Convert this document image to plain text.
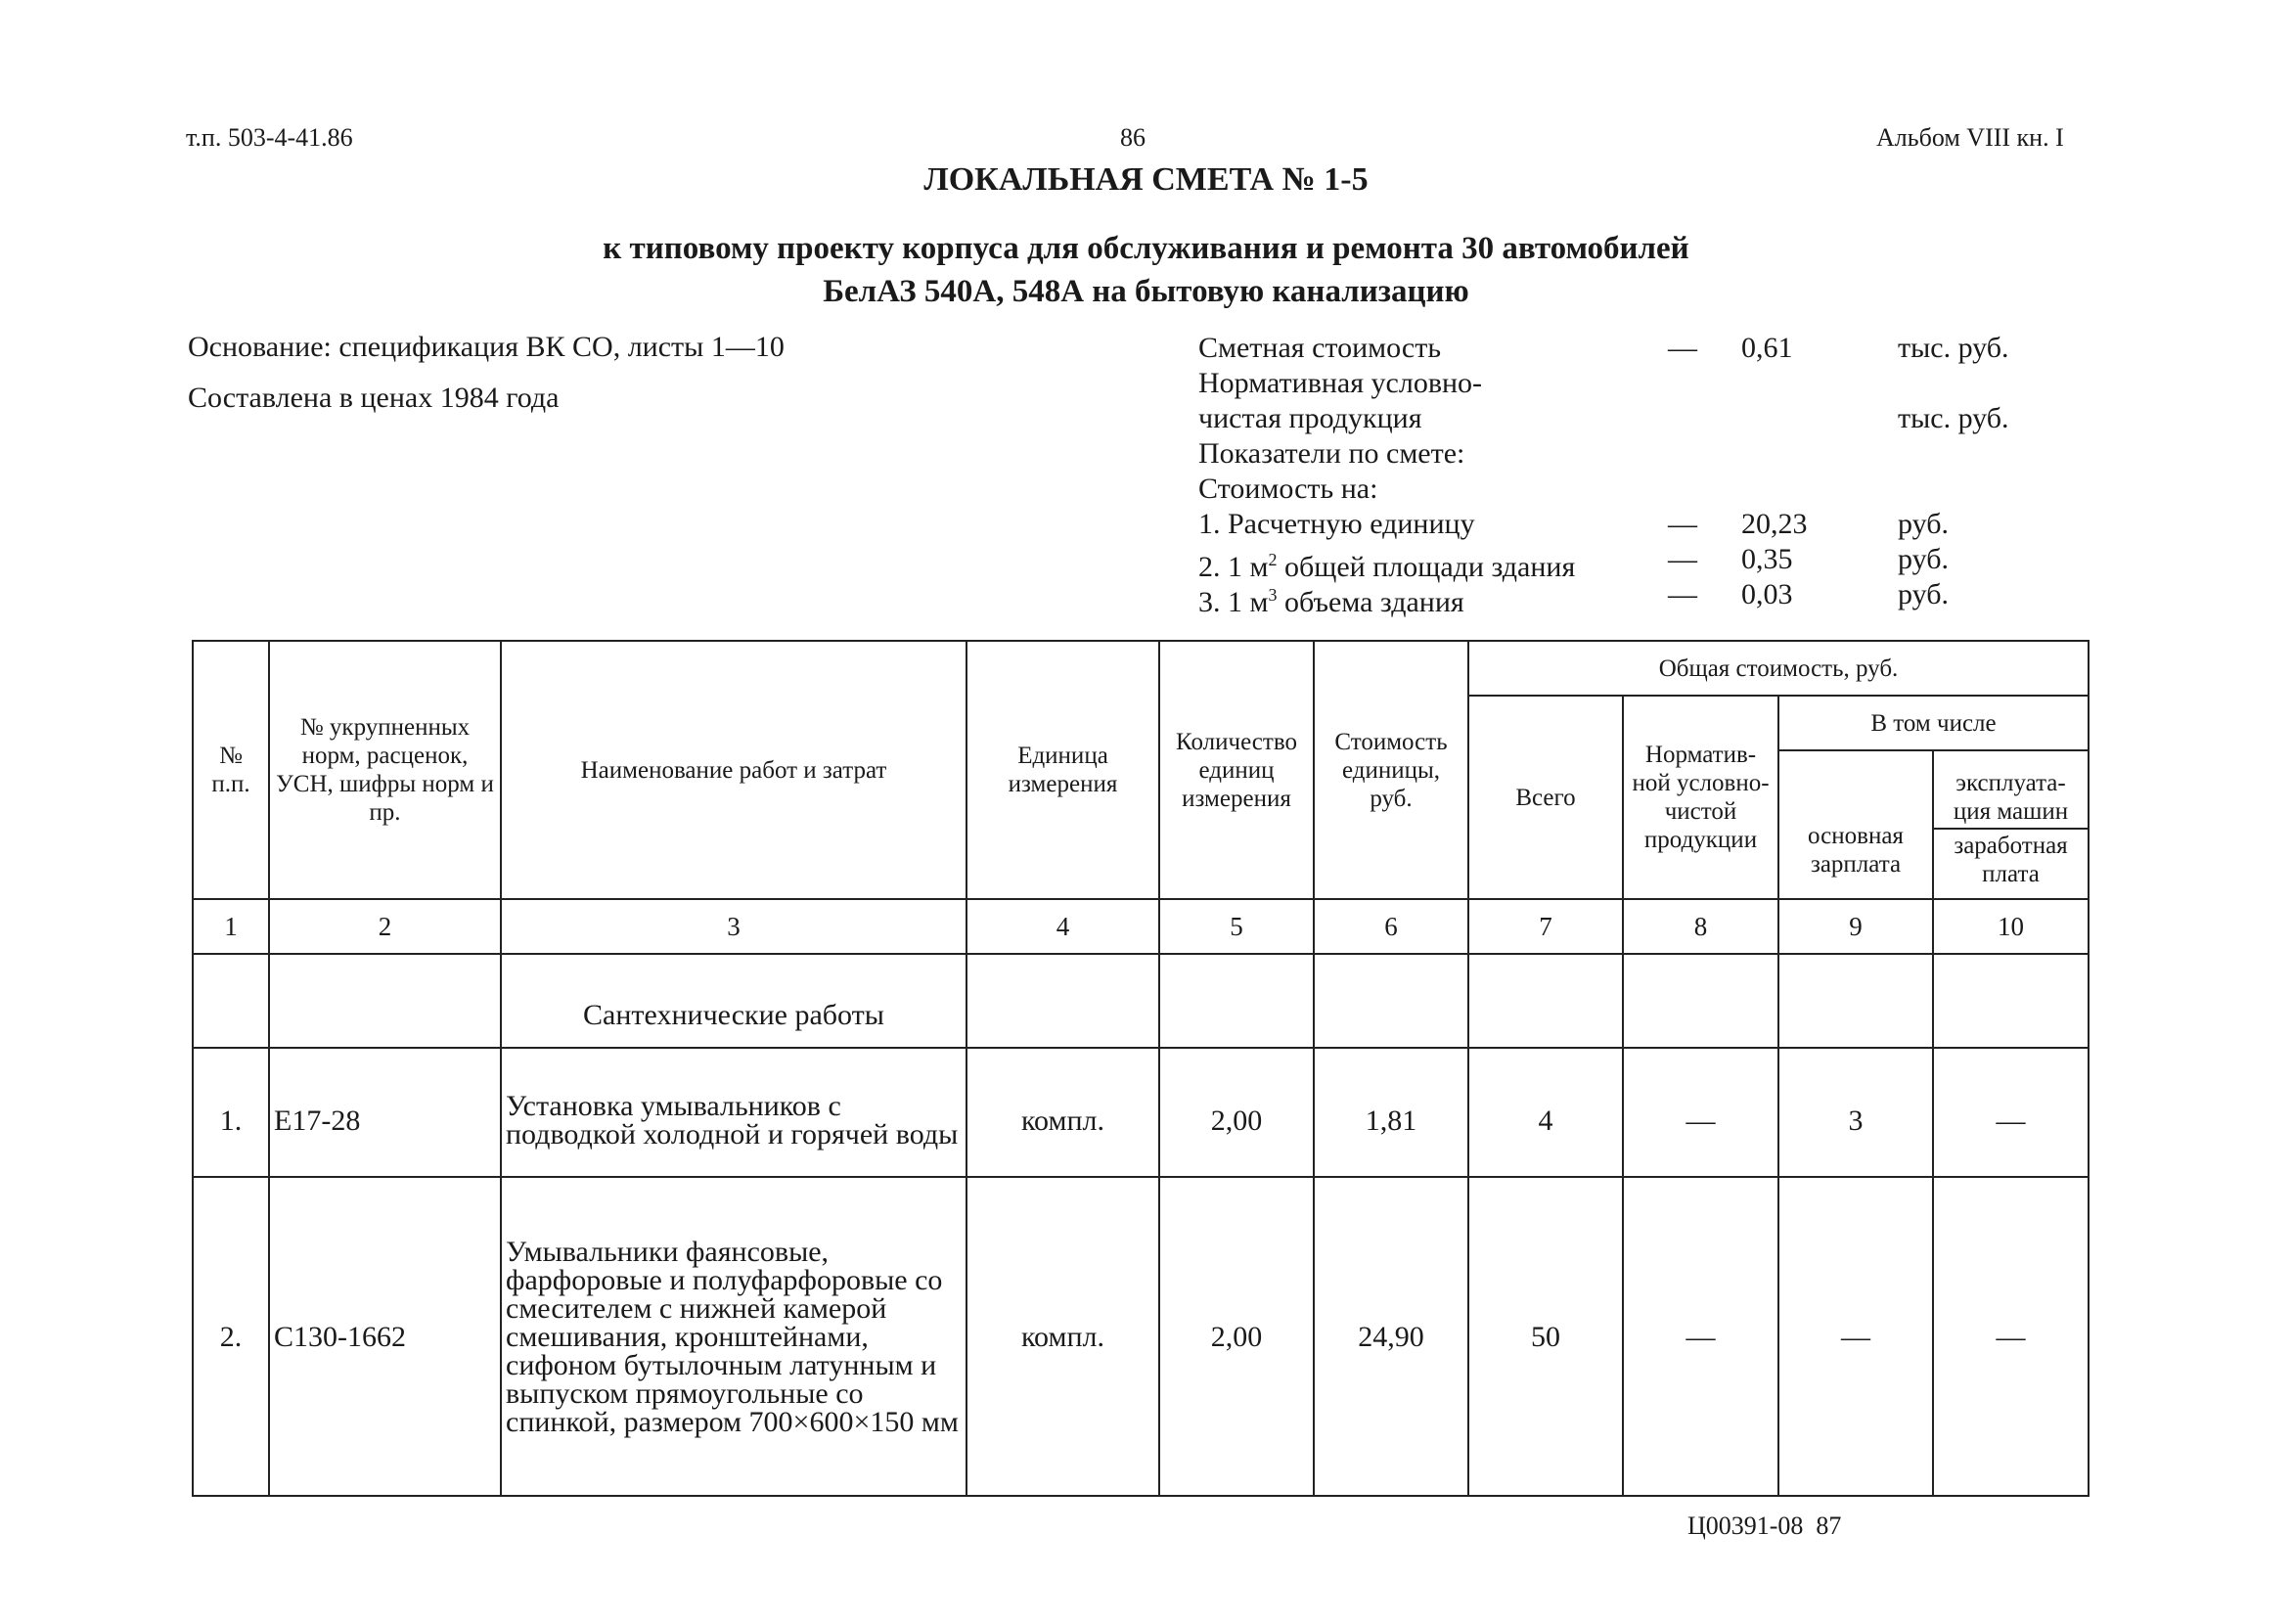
т.п. 503-4-41.86	86	Альбом VIII кн. I
ЛОКАЛЬНАЯ СМЕТА № 1-5
к типовому проекту корпуса для обслуживания и ремонта 30 автомобилей
БелАЗ 540А, 548А на бытовую канализацию
Основание: спецификация ВК СО, листы 1—10
Составлена в ценах 1984 года
Сметная стоимость	— 0,61	тыс. руб.
Нормативная условно-
чистая продукция	тыс. руб.
Показатели по смете:
Стоимость на:
1. Расчетную единицу	— 20,23	руб.
2. 1 $м^2$ общей площади здания	— 0,35	руб.
3. 1 $м^3$ объема здания	— 0,03	руб.
№ п.п.	№ укрупненных норм, расценок, УСН, шифры норм и пр.	Наименование работ и затрат	Единица измерения	Количество единиц измерения	Стоимость единицы, руб.	Общая стоимость, руб.			
						Всего	Норматив-ной условно-чистой продукции	В том числе	
								основная зарплата	эксплуата-ция машин
									заработная плата
1	2	3	4	5	6	7	8	9	10
		Сантехнические работы							
1.	Е17-28	Установка умывальников с подводкой холодной и горячей воды	компл.	2,00	1,81	4	—	3	—
2.	С130-1662	Умывальники фаянсовые, фарфоровые и полуфарфоровые со смесителем с нижней камерой смешивания, кронштейнами, сифоном бутылочным латунным и выпуском прямоугольные со спинкой, размером 700×600×150 мм	компл.	2,00	24,90	50	—	—	—
Ц00391-08  87
